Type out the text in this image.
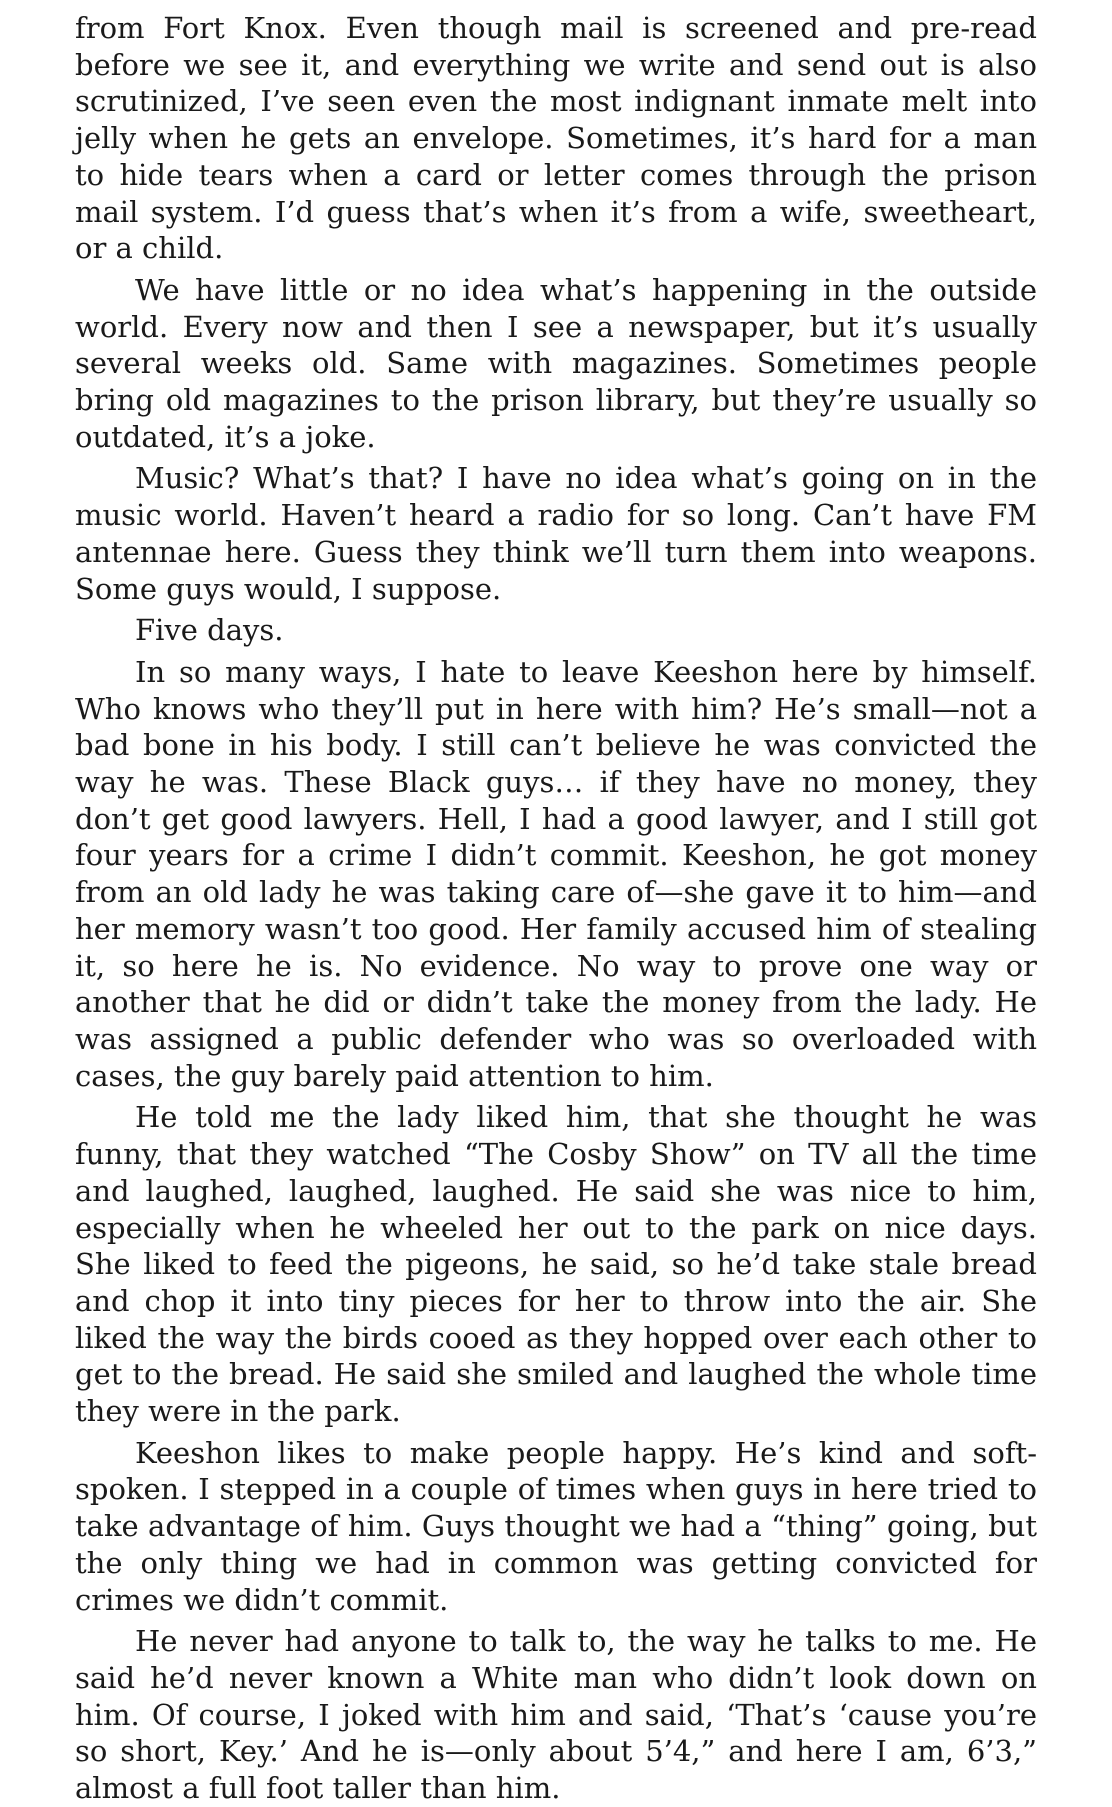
from Fort Knox. Even though mail is screened and pre-read before we see it, and everything we write and send out is also scrutinized, I’ve seen even the most indignant inmate melt into jelly when he gets an envelope. Sometimes, it’s hard for a man to hide tears when a card or letter comes through the prison mail system. I’d guess that’s when it’s from a wife, sweetheart, or a child.

We have little or no idea what’s happening in the outside world. Every now and then I see a newspaper, but it’s usually several weeks old. Same with magazines. Sometimes people bring old magazines to the prison library, but they’re usually so outdated, it’s a joke.

Music? What’s that? I have no idea what’s going on in the music world. Haven’t heard a radio for so long. Can’t have FM antennae here. Guess they think we’ll turn them into weapons. Some guys would, I suppose.

Five days.

In so many ways, I hate to leave Keeshon here by himself. Who knows who they’ll put in here with him? He’s small—not a bad bone in his body. I still can’t believe he was convicted the way he was. These Black guys… if they have no money, they don’t get good lawyers. Hell, I had a good lawyer, and I still got four years for a crime I didn’t commit. Keeshon, he got money from an old lady he was taking care of—she gave it to him—and her memory wasn’t too good. Her family accused him of stealing it, so here he is. No evidence. No way to prove one way or another that he did or didn’t take the money from the lady. He was assigned a public defender who was so overloaded with cases, the guy barely paid attention to him.

He told me the lady liked him, that she thought he was funny, that they watched “The Cosby Show” on TV all the time and laughed, laughed, laughed. He said she was nice to him, especially when he wheeled her out to the park on nice days. She liked to feed the pigeons, he said, so he’d take stale bread and chop it into tiny pieces for her to throw into the air. She liked the way the birds cooed as they hopped over each other to get to the bread. He said she smiled and laughed the whole time they were in the park.

Keeshon likes to make people happy. He’s kind and soft-spoken. I stepped in a couple of times when guys in here tried to take advantage of him. Guys thought we had a “thing” going, but the only thing we had in common was getting convicted for crimes we didn’t commit.

He never had anyone to talk to, the way he talks to me. He said he’d never known a White man who didn’t look down on him. Of course, I joked with him and said, ‘That’s ‘cause you’re so short, Key.’ And he is—only about 5’4,” and here I am, 6’3,” almost a full foot taller than him.
